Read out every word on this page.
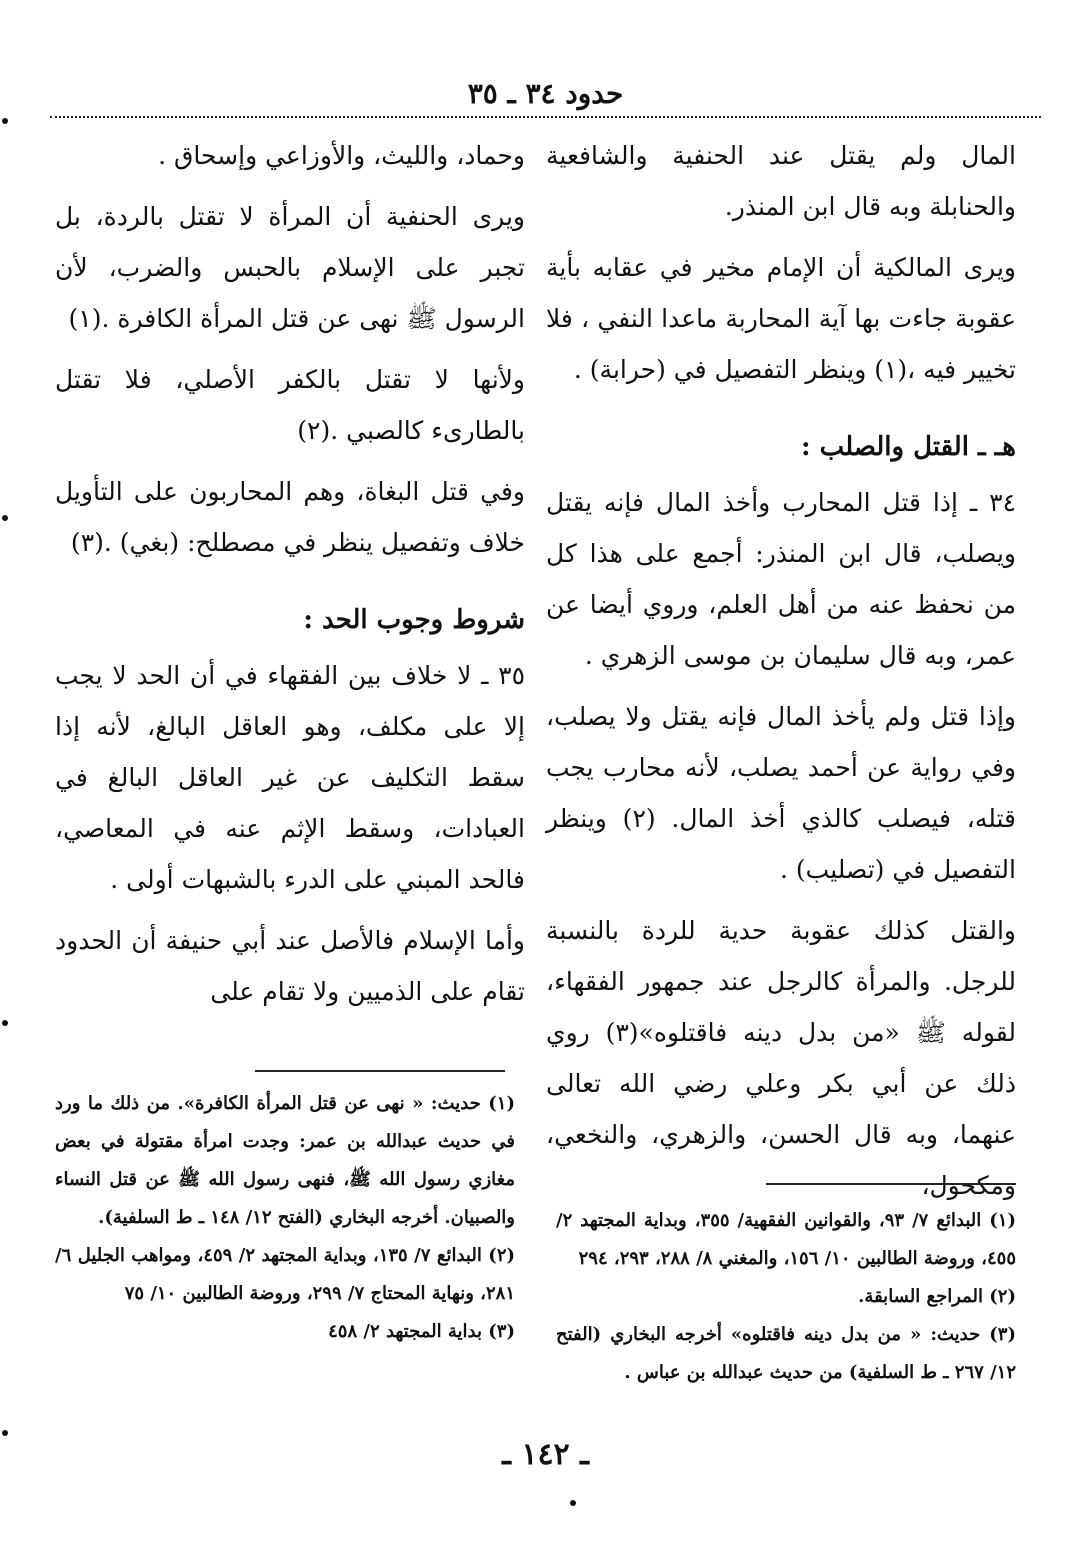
حدود ٣٤ ـ ٣٥

المال ولم يقتل عند الحنفية والشافعية والحنابلة وبه قال ابن المنذر.

ويرى المالكية أن الإمام مخير في عقابه بأية عقوبة جاءت بها آية المحاربة ماعدا النفي ، فلا تخيير فيه ،(١) وينظر التفصيل في (حرابة) .

هـ ـ القتل والصلب :

٣٤ ـ إذا قتل المحارب وأخذ المال فإنه يقتل ويصلب، قال ابن المنذر: أجمع على هذا كل من نحفظ عنه من أهل العلم، وروي أيضا عن عمر، وبه قال سليمان بن موسى الزهري .

وإذا قتل ولم يأخذ المال فإنه يقتل ولا يصلب، وفي رواية عن أحمد يصلب، لأنه محارب يجب قتله، فيصلب كالذي أخذ المال. (٢) وينظر التفصيل في (تصليب) .

والقتل كذلك عقوبة حدية للردة بالنسبة للرجل. والمرأة كالرجل عند جمهور الفقهاء، لقوله ﷺ «من بدل دينه فاقتلوه»(٣) روي ذلك عن أبي بكر وعلي رضي الله تعالى عنهما، وبه قال الحسن، والزهري، والنخعي، ومكحول،

وحماد، والليث، والأوزاعي وإسحاق .

ويرى الحنفية أن المرأة لا تقتل بالردة، بل تجبر على الإسلام بالحبس والضرب، لأن الرسول ﷺ نهى عن قتل المرأة الكافرة .(١)

ولأنها لا تقتل بالكفر الأصلي، فلا تقتل بالطارىء كالصبي .(٢)

وفي قتل البغاة، وهم المحاربون على التأويل خلاف وتفصيل ينظر في مصطلح: (بغي) .(٣)

شروط وجوب الحد :

٣٥ ـ لا خلاف بين الفقهاء في أن الحد لا يجب إلا على مكلف، وهو العاقل البالغ، لأنه إذا سقط التكليف عن غير العاقل البالغ في العبادات، وسقط الإثم عنه في المعاصي، فالحد المبني على الدرء بالشبهات أولى .

وأما الإسلام فالأصل عند أبي حنيفة أن الحدود تقام على الذميين ولا تقام على

(١) البدائع ٧/ ٩٣، والقوانين الفقهية/ ٣٥٥، وبداية المجتهد ٢/ ٤٥٥، وروضة الطالبين ١٠/ ١٥٦، والمغني ٨/ ٢٨٨، ٢٩٣، ٢٩٤
(٢) المراجع السابقة.
(٣) حديث: « من بدل دينه فاقتلوه» أخرجه البخاري (الفتح ١٢/ ٢٦٧ ـ ط السلفية) من حديث عبدالله بن عباس .
(١) حديث: « نهى عن قتل المرأة الكافرة». من ذلك ما ورد في حديث عبدالله بن عمر: وجدت امرأة مقتولة في بعض مغازي رسول الله ﷺ، فنهى رسول الله ﷺ عن قتل النساء والصبيان. أخرجه البخاري (الفتح ١٢/ ١٤٨ ـ ط السلفية).
(٢) البدائع ٧/ ١٣٥، وبداية المجتهد ٢/ ٤٥٩، ومواهب الجليل ٦/ ٢٨١، ونهاية المحتاج ٧/ ٢٩٩، وروضة الطالبين ١٠/ ٧٥
(٣) بداية المجتهد ٢/ ٤٥٨
ـ ١٤٢ ـ
